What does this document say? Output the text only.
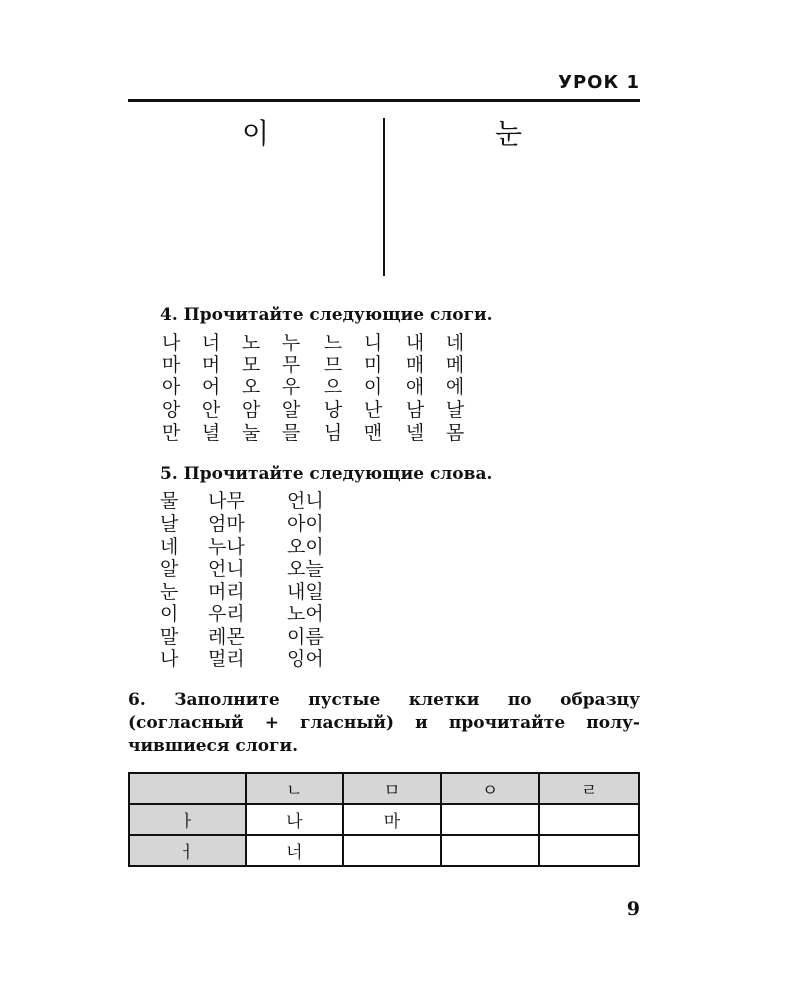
УРОК 1
이	눈
4. Прочитайте следующие слоги.
나 너 노 누 느 니 내 네
마 머 모 무 므 미 매 메
아 어 오 우 으 이 애 에
앙 안 암 알 낭 난 남 날
만 녈 눌 믈 님 맨 넬 몸
5. Прочитайте следующие слова.
물 나무 언니
날 엄마 아이
네 누나 오이
알 언니 오늘
눈 머리 내일
이 우리 노어
말 레몬 이름
나 멀리 잉어
6. Заполните пустые клетки по образцу
(согласный + гласный) и прочитайте полу-
чившиеся слоги.
	ㄴ	ㅁ	ㅇ	ㄹ
ㅏ	나	마		
ㅓ	너			
9
